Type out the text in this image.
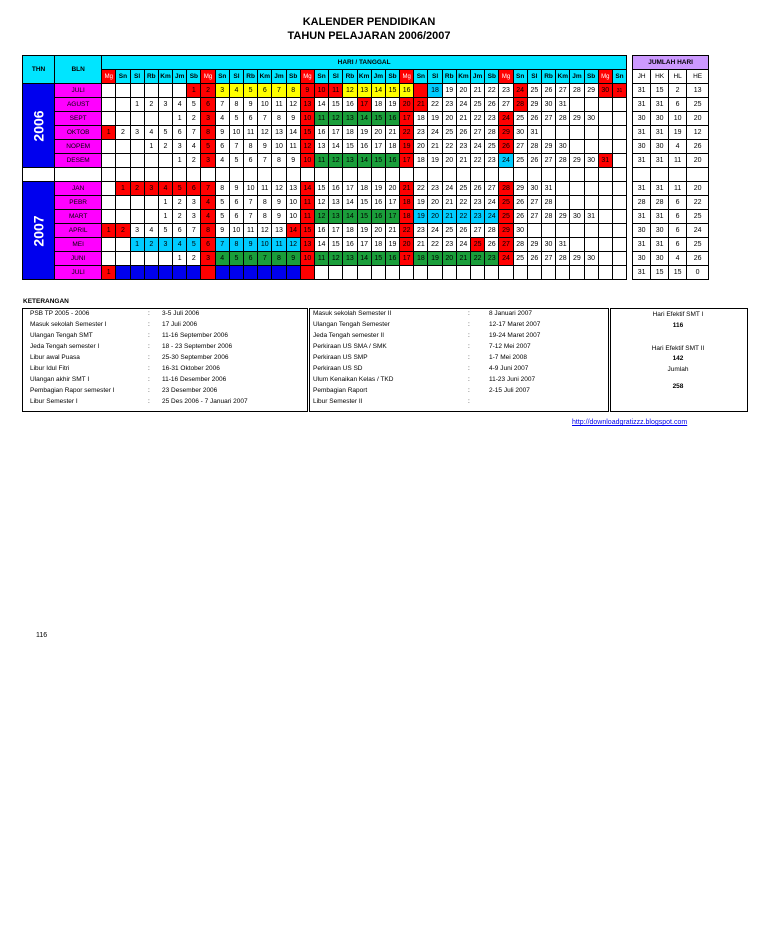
KALENDER PENDIDIKAN
TAHUN PELAJARAN 2006/2007
THN	BLN	HARI / TANGGAL																																						JUMLAH HARI			
		Mg	Sn	Sl	Rb	Km	Jm	Sb	Mg	Sn	Sl	Rb	Km	Jm	Sb	Mg	Sn	Sl	Rb	Km	Jm	Sb	Mg	Sn	Sl	Rb	Km	Jm	Sb	Mg	Sn	Sl	Rb	Km	Jm	Sb	Mg	Sn		JH	HK	HL	HE
2006	JULI							1	2	3	4	5	6	7	8	9	10	11	12	13	14	15	16		18	19	20	21	22	23	24	25	26	27	28	29	30	31		31	15	2	13
	AGUST			1	2	3	4	5	6	7	8	9	10	11	12	13	14	15	16	17	18	19	20	21	22	23	24	25	26	27	28	29	30	31						31	31	6	25
	SEPT						1	2	3	4	5	6	7	8	9	10	11	12	13	14	15	16	17	18	19	20	21	22	23	24	25	26	27	28	29	30				30	30	10	20
	OKTOB	1	2	3	4	5	6	7	8	9	10	11	12	13	14	15	16	17	18	19	20	21	22	23	24	25	26	27	28	29	30	31								31	31	19	12
	NOPEM				1	2	3	4	5	6	7	8	9	10	11	12	13	14	15	16	17	18	19	20	21	22	23	24	25	26	27	28	29	30						30	30	4	26
	DESEM						1	2	3	4	5	6	7	8	9	10	11	12	13	14	15	16	17	18	19	20	21	22	23	24	25	26	27	28	29	30	31			31	31	11	20

2007	JAN		1	2	3	4	5	6	7	8	9	10	11	12	13	14	15	16	17	18	19	20	21	22	23	24	25	26	27	28	29	30	31							31	31	11	20
	PEBR					1	2	3	4	5	6	7	8	9	10	11	12	13	14	15	16	17	18	19	20	21	22	23	24	25	26	27	28							28	28	6	22
	MART					1	2	3	4	5	6	7	8	9	10	11	12	13	14	15	16	17	18	19	20	21	22	23	24	25	26	27	28	29	30	31				31	31	6	25
	APRIL	1	2	3	4	5	6	7	8	9	10	11	12	13	14	15	16	17	18	19	20	21	22	23	24	25	26	27	28	29	30									30	30	6	24
	MEI			1	2	3	4	5	6	7	8	9	10	11	12	13	14	15	16	17	18	19	20	21	22	23	24	25	26	27	28	29	30	31						31	31	6	25
	JUNI						1	2	3	4	5	6	7	8	9	10	11	12	13	14	15	16	17	18	19	20	21	22	23	24	25	26	27	28	29	30				30	30	4	26
	JULI	1																																						31	15	15	0
KETERANGAN
PSB TP 2005 - 2006	: 3-5 Juli 2006
Masuk sekolah Semester I	: 17 Juli 2006
Ulangan Tengah SMT	: 11-16 September 2006
Jeda Tengah semester I	: 18 - 23 September 2006
Libur awal Puasa	: 25-30 September 2006
Libur Idul Fitri	: 16-31 Oktober 2006
Ulangan akhir SMT I	: 11-16 Desember 2006
Pembagian Rapor semester I	: 23 Desember 2006
Libur Semester I	: 25 Des 2006 - 7 Januari 2007
Masuk sekolah Semester II	:	8 Januari 2007
Ulangan Tengah Semester	:	12-17 Maret 2007
Jeda Tengah semester II	:	19-24 Maret 2007
Perkiraan US SMA / SMK	:	7-12 Mei 2007
Perkiraan US SMP	:	1-7 Mei 2008
Perkiraan US SD	:	4-9 Juni 2007
Ulum Kenaikan Kelas / TKD	:	11-23 Juni 2007
Pembagian Raport	:	2-15 Juli 2007
Libur Semester II	:
Hari Efektif SMT I
116
Hari Efektif SMT II
142
Jumlah
258
http://downloadgratizzz.blogspot.com
116
